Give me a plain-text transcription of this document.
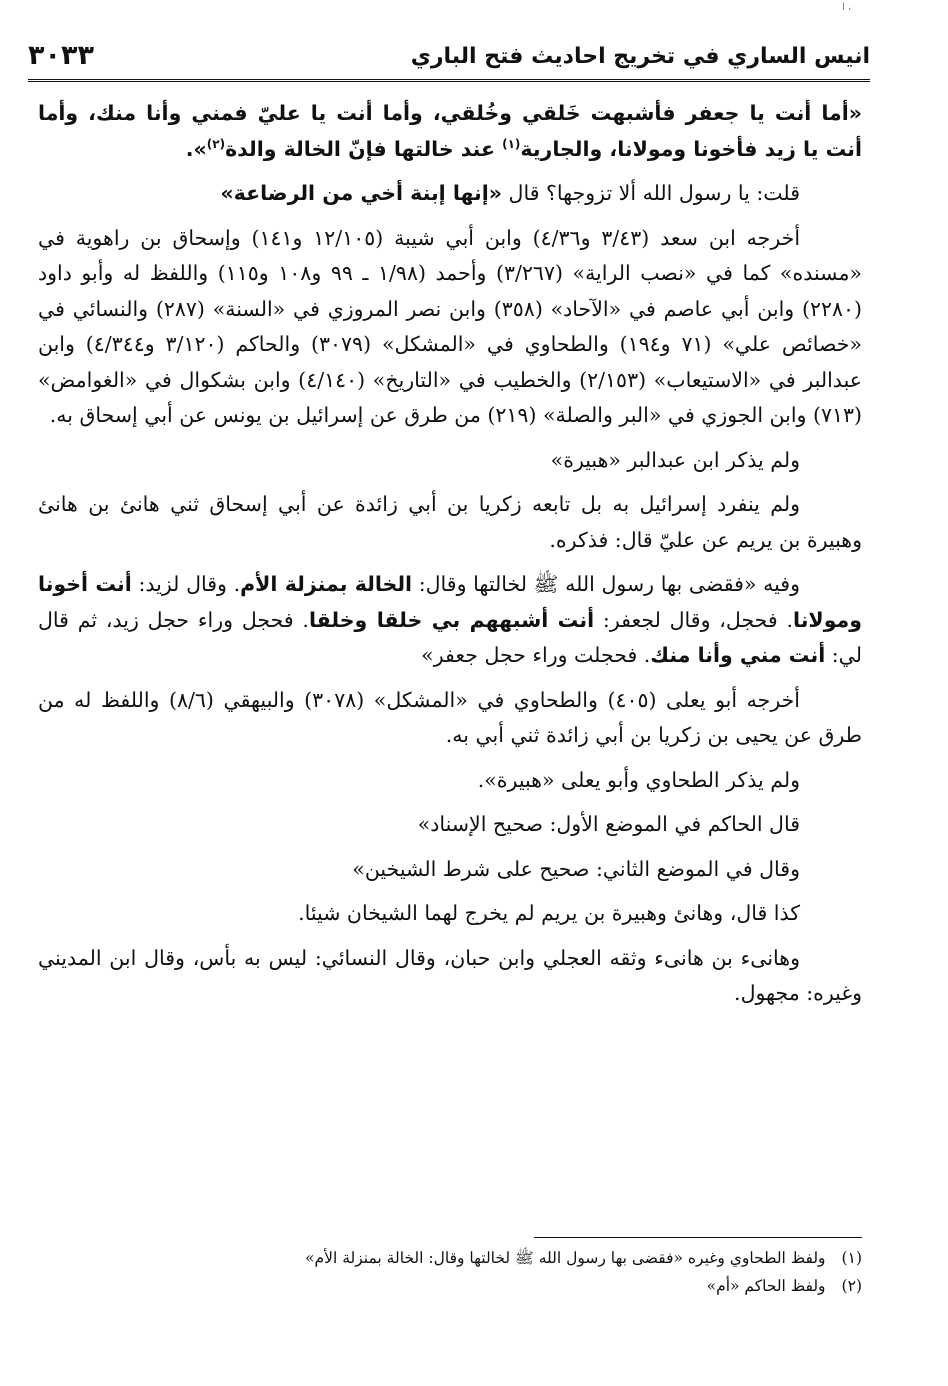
ا ،
انيس الساري في تخريج احاديث فتح الباري
٣٠٣٣

«أما أنت يا جعفر فأشبهت خَلقي وخُلقي، وأما أنت يا عليّ فمني وأنا منك، وأما أنت يا زيد فأخونا ومولانا، والجارية$^{(١)}$ عند خالتها فإنّ الخالة والدة$^{(٢)}$».

قلت: يا رسول الله ألا تزوجها؟ قال «إنها إبنة أخي من الرضاعة»

أخرجه ابن سعد (٣/٤٣ و٤/٣٦) وابن أبي شيبة (١٢/١٠٥ و١٤١) وإسحاق بن راهوية في «مسنده» كما في «نصب الراية» (٣/٢٦٧) وأحمد (١/٩٨ ـ ٩٩ و١٠٨ و١١٥) واللفظ له وأبو داود (٢٢٨٠) وابن أبي عاصم في «الآحاد» (٣٥٨) وابن نصر المروزي في «السنة» (٢٨٧) والنسائي في «خصائص علي» (٧١ و١٩٤) والطحاوي في «المشكل» (٣٠٧٩) والحاكم (٣/١٢٠ و٤/٣٤٤) وابن عبدالبر في «الاستيعاب» (٢/١٥٣) والخطيب في «التاريخ» (٤/١٤٠) وابن بشكوال في «الغوامض» (٧١٣) وابن الجوزي في «البر والصلة» (٢١٩) من طرق عن إسرائيل بن يونس عن أبي إسحاق به.

ولم يذكر ابن عبدالبر «هبيرة»

ولم ينفرد إسرائيل به بل تابعه زكريا بن أبي زائدة عن أبي إسحاق ثني هانئ بن هانئ وهبيرة بن يريم عن عليّ قال: فذكره.

وفيه «فقضى بها رسول الله ﷺ لخالتها وقال: الخالة بمنزلة الأم. وقال لزيد: أنت أخونا ومولانا. فحجل، وقال لجعفر: أنت أشبههم بي خلقا وخلقا. فحجل وراء حجل زيد، ثم قال لي: أنت مني وأنا منك. فحجلت وراء حجل جعفر»

أخرجه أبو يعلى (٤٠٥) والطحاوي في «المشكل» (٣٠٧٨) والبيهقي (٨/٦) واللفظ له من طرق عن يحيى بن زكريا بن أبي زائدة ثني أبي به.

ولم يذكر الطحاوي وأبو يعلى «هبيرة».

قال الحاكم في الموضع الأول: صحيح الإسناد»

وقال في الموضع الثاني: صحيح على شرط الشيخين»

كذا قال، وهانئ وهبيرة بن يريم لم يخرج لهما الشيخان شيئا.

وهانىء بن هانىء وثقه العجلي وابن حبان، وقال النسائي: ليس به بأس، وقال ابن المديني وغيره: مجهول.

(١)ولفظ الطحاوي وغيره «فقضى بها رسول الله ﷺ لخالتها وقال: الخالة بمنزلة الأم»
(٢)ولفظ الحاكم «أم»
